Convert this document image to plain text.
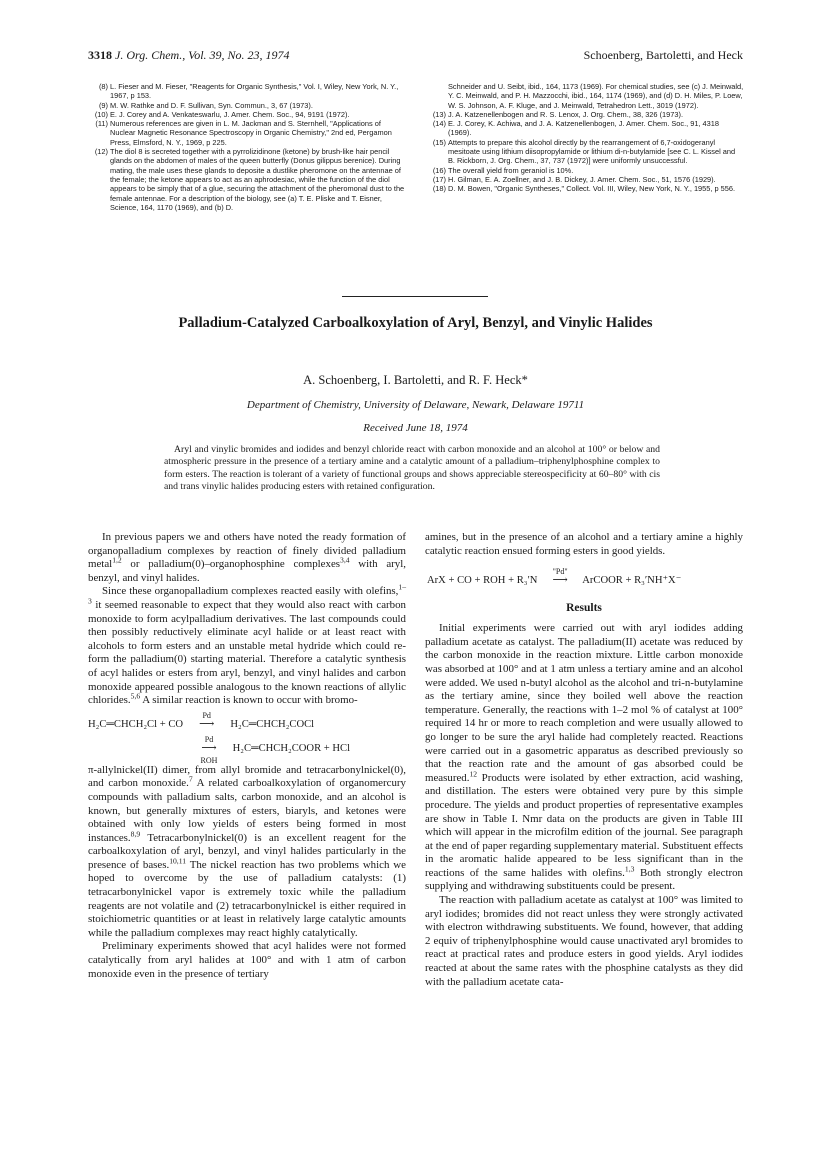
3318 J. Org. Chem., Vol. 39, No. 23, 1974	Schoenberg, Bartoletti, and Heck

(8) L. Fieser and M. Fieser, "Reagents for Organic Synthesis," Vol. I, Wiley, New York, N. Y., 1967, p 153.

(9) M. W. Rathke and D. F. Sullivan, Syn. Commun., 3, 67 (1973).

(10) E. J. Corey and A. Venkateswarlu, J. Amer. Chem. Soc., 94, 9191 (1972).

(11) Numerous references are given in L. M. Jackman and S. Sternhell, "Applications of Nuclear Magnetic Resonance Spectroscopy in Organic Chemistry," 2nd ed, Pergamon Press, Elmsford, N. Y., 1969, p 225.

(12) The diol 8 is secreted together with a pyrrolizidinone (ketone) by brush-like hair pencil glands on the abdomen of males of the queen butterfly (Donus gilippus berenice). During mating, the male uses these glands to deposite a dustlike pheromone on the antennae of the female; the ketone appears to act as an aphrodesiac, while the function of the diol appears to be simply that of a glue, securing the attachment of the pheromonal dust to the female antennae. For a description of the biology, see (a) T. E. Pliske and T. Eisner, Science, 164, 1170 (1969), and (b) D.

Schneider and U. Seibt, ibid., 164, 1173 (1969). For chemical studies, see (c) J. Meinwald, Y. C. Meinwald, and P. H. Mazzocchi, ibid., 164, 1174 (1969), and (d) D. H. Miles, P. Loew, W. S. Johnson, A. F. Kluge, and J. Meinwald, Tetrahedron Lett., 3019 (1972).

(13) J. A. Katzenellenbogen and R. S. Lenox, J. Org. Chem., 38, 326 (1973).

(14) E. J. Corey, K. Achiwa, and J. A. Katzenellenbogen, J. Amer. Chem. Soc., 91, 4318 (1969).

(15) Attempts to prepare this alcohol directly by the rearrangement of 6,7-oxidogeranyl mesitoate using lithium diisopropylamide or lithium di-n-butylamide [see C. L. Kissel and B. Rickborn, J. Org. Chem., 37, 737 (1972)] were uniformly unsuccessful.

(16) The overall yield from geraniol is 10%.

(17) H. Gilman, E. A. Zoellner, and J. B. Dickey, J. Amer. Chem. Soc., 51, 1576 (1929).

(18) D. M. Bowen, "Organic Syntheses," Collect. Vol. III, Wiley, New York, N. Y., 1955, p 556.

Palladium-Catalyzed Carboalkoxylation of Aryl, Benzyl, and Vinylic Halides
A. Schoenberg, I. Bartoletti, and R. F. Heck*
Department of Chemistry, University of Delaware, Newark, Delaware 19711
Received June 18, 1974

Aryl and vinylic bromides and iodides and benzyl chloride react with carbon monoxide and an alcohol at 100° or below and atmospheric pressure in the presence of a tertiary amine and a catalytic amount of a palladium–triphenylphosphine complex to form esters. The reaction is tolerant of a variety of functional groups and shows appreciable stereospecificity at 60–80° with cis and trans vinylic halides producing esters with retained configuration.

In previous papers we and others have noted the ready formation of organopalladium complexes by reaction of finely divided palladium metal$^{1,2}$ or palladium(0)–organophosphine complexes$^{3,4}$ with aryl, benzyl, and vinyl halides.

Since these organopalladium complexes reacted easily with olefins,$^{1-3}$ it seemed reasonable to expect that they would also react with carbon monoxide to form acylpalladium derivatives. The last compounds could then possibly reductively eliminate acyl halide or at least react with alcohols to form esters and an unstable metal hydride which could re-form the palladium(0) starting material. Therefore a catalytic synthesis of acyl halides or esters from aryl, benzyl, and vinyl halides and carbon monoxide appeared possible analogous to the known reactions of allylic chlorides.$^{5,6}$ A similar reaction is known to occur with bromo-

H₂C═CHCH₂Cl + CO
Pd
⟶ H₂C═CHCH₂COCl
Pd
⟶
ROH
H₂C═CHCH₂COOR + HCl

π-allylnickel(II) dimer, from allyl bromide and tetracarbonylnickel(0), and carbon monoxide.$^7$ A related carboalkoxylation of organomercury compounds with palladium salts, carbon monoxide, and an alcohol is known, but generally mixtures of esters, biaryls, and ketones were obtained with only low yields of esters being formed in most instances.$^{8,9}$ Tetracarbonylnickel(0) is an excellent reagent for the carboalkoxylation of aryl, benzyl, and vinyl halides particularly in the presence of bases.$^{10,11}$ The nickel reaction has two problems which we hoped to overcome by the use of palladium catalysts: (1) tetracarbonylnickel vapor is extremely toxic while the palladium reagents are not volatile and (2) tetracarbonylnickel is either required in stoichiometric quantities or at least in relatively large catalytic amounts while the palladium complexes may react highly catalytically.

Preliminary experiments showed that acyl halides were not formed catalytically from aryl halides at 100° and with 1 atm of carbon monoxide even in the presence of tertiary

amines, but in the presence of an alcohol and a tertiary amine a highly catalytic reaction ensued forming esters in good yields.

ArX + CO + ROH + R₃′N
"Pd"
⟶ ArCOOR + R₃′NH⁺X⁻
Results

Initial experiments were carried out with aryl iodides adding palladium acetate as catalyst. The palladium(II) acetate was reduced by the carbon monoxide in the reaction mixture. Little carbon monoxide was absorbed at 100° and at 1 atm unless a tertiary amine and an alcohol were added. We used n-butyl alcohol as the alcohol and tri-n-butylamine as the tertiary amine, since they boiled well above the reaction temperature. Generally, the reactions with 1–2 mol % of catalyst at 100° required 14 hr or more to reach completion and were usually allowed to go longer to be sure the aryl halide had completely reacted. Reactions were carried out in a gasometric apparatus as described previously so that the reaction rate and the amount of gas absorbed could be measured.$^{12}$ Products were isolated by ether extraction, acid washing, and distillation. The esters were obtained very pure by this simple procedure. The yields and product properties of representative examples are show in Table I. Nmr data on the products are given in Table III which will appear in the microfilm edition of the journal. See paragraph at the end of paper regarding supplementary material. Substituent effects in the aromatic halide appeared to be less significant than in the reactions of the same halides with olefins.$^{1,3}$ Both strongly electron supplying and withdrawing substituents could be present.

The reaction with palladium acetate as catalyst at 100° was limited to aryl iodides; bromides did not react unless they were strongly activated with electron withdrawing substituents. We found, however, that adding 2 equiv of triphenylphosphine would cause unactivated aryl bromides to react at practical rates and produce esters in good yields. Aryl iodides reacted at about the same rates with the phosphine catalysts as they did with the palladium acetate cata-
